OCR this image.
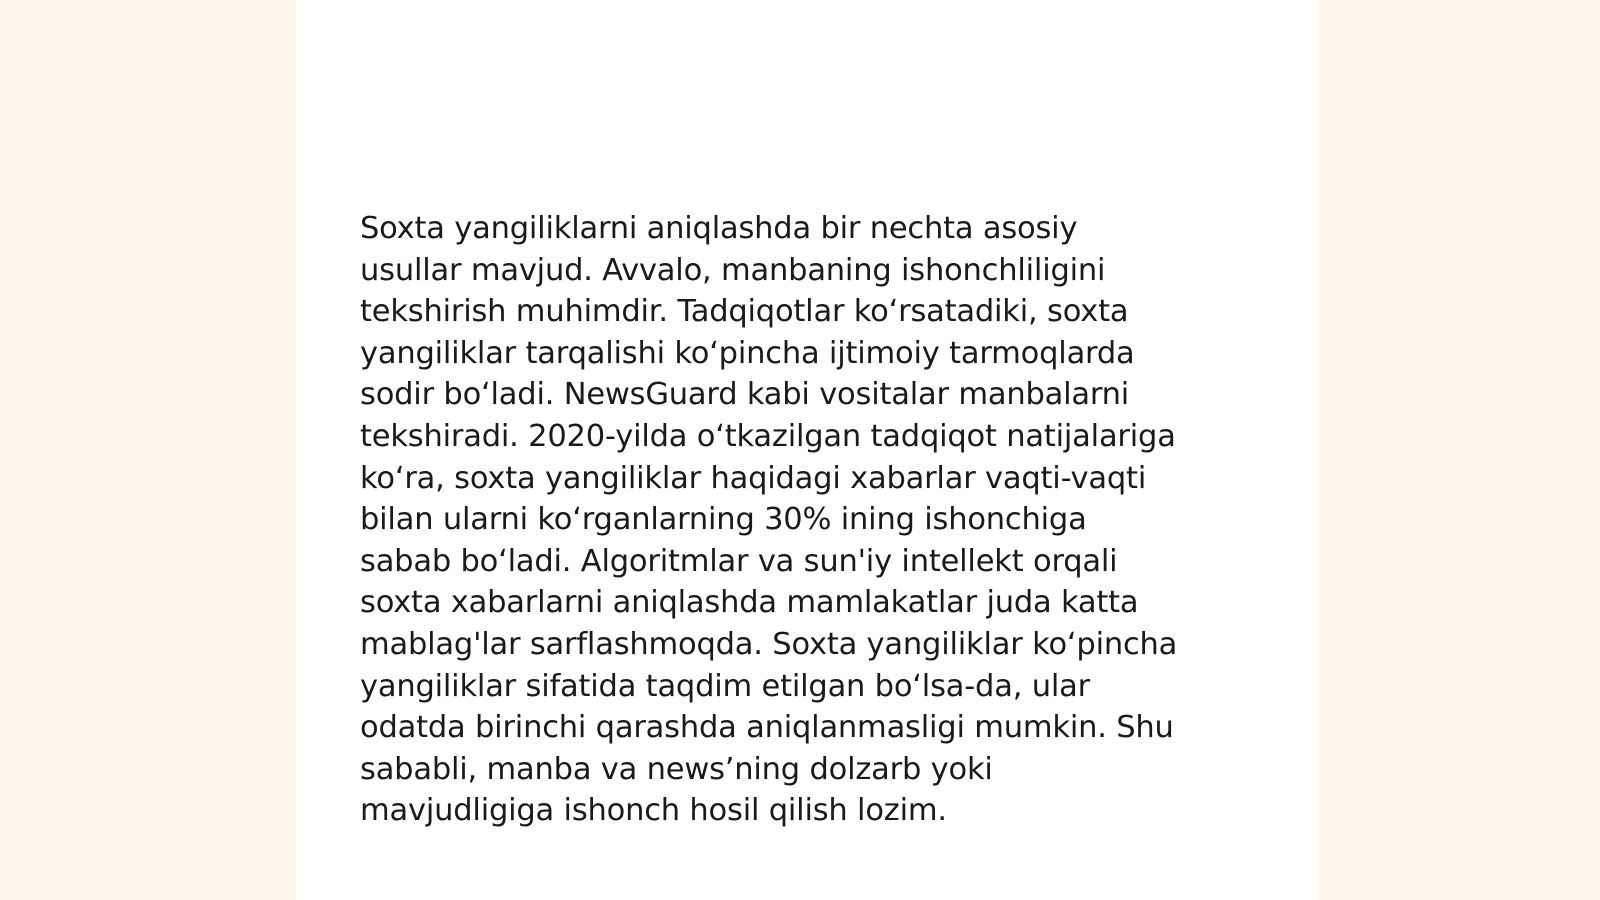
Soxta yangiliklarni aniqlashda bir nechta asosiy
usullar mavjud. Avvalo, manbaning ishonchliligini
tekshirish muhimdir. Tadqiqotlar ko‘rsatadiki, soxta
yangiliklar tarqalishi ko‘pincha ijtimoiy tarmoqlarda
sodir bo‘ladi. NewsGuard kabi vositalar manbalarni
tekshiradi. 2020-yilda o‘tkazilgan tadqiqot natijalariga
ko‘ra, soxta yangiliklar haqidagi xabarlar vaqti-vaqti
bilan ularni ko‘rganlarning 30% ining ishonchiga
sabab bo‘ladi. Algoritmlar va sun'iy intellekt orqali
soxta xabarlarni aniqlashda mamlakatlar juda katta
mablag'lar sarflashmoqda. Soxta yangiliklar ko‘pincha
yangiliklar sifatida taqdim etilgan bo‘lsa-da, ular
odatda birinchi qarashda aniqlanmasligi mumkin. Shu
sababli, manba va news’ning dolzarb yoki
mavjudligiga ishonch hosil qilish lozim.
